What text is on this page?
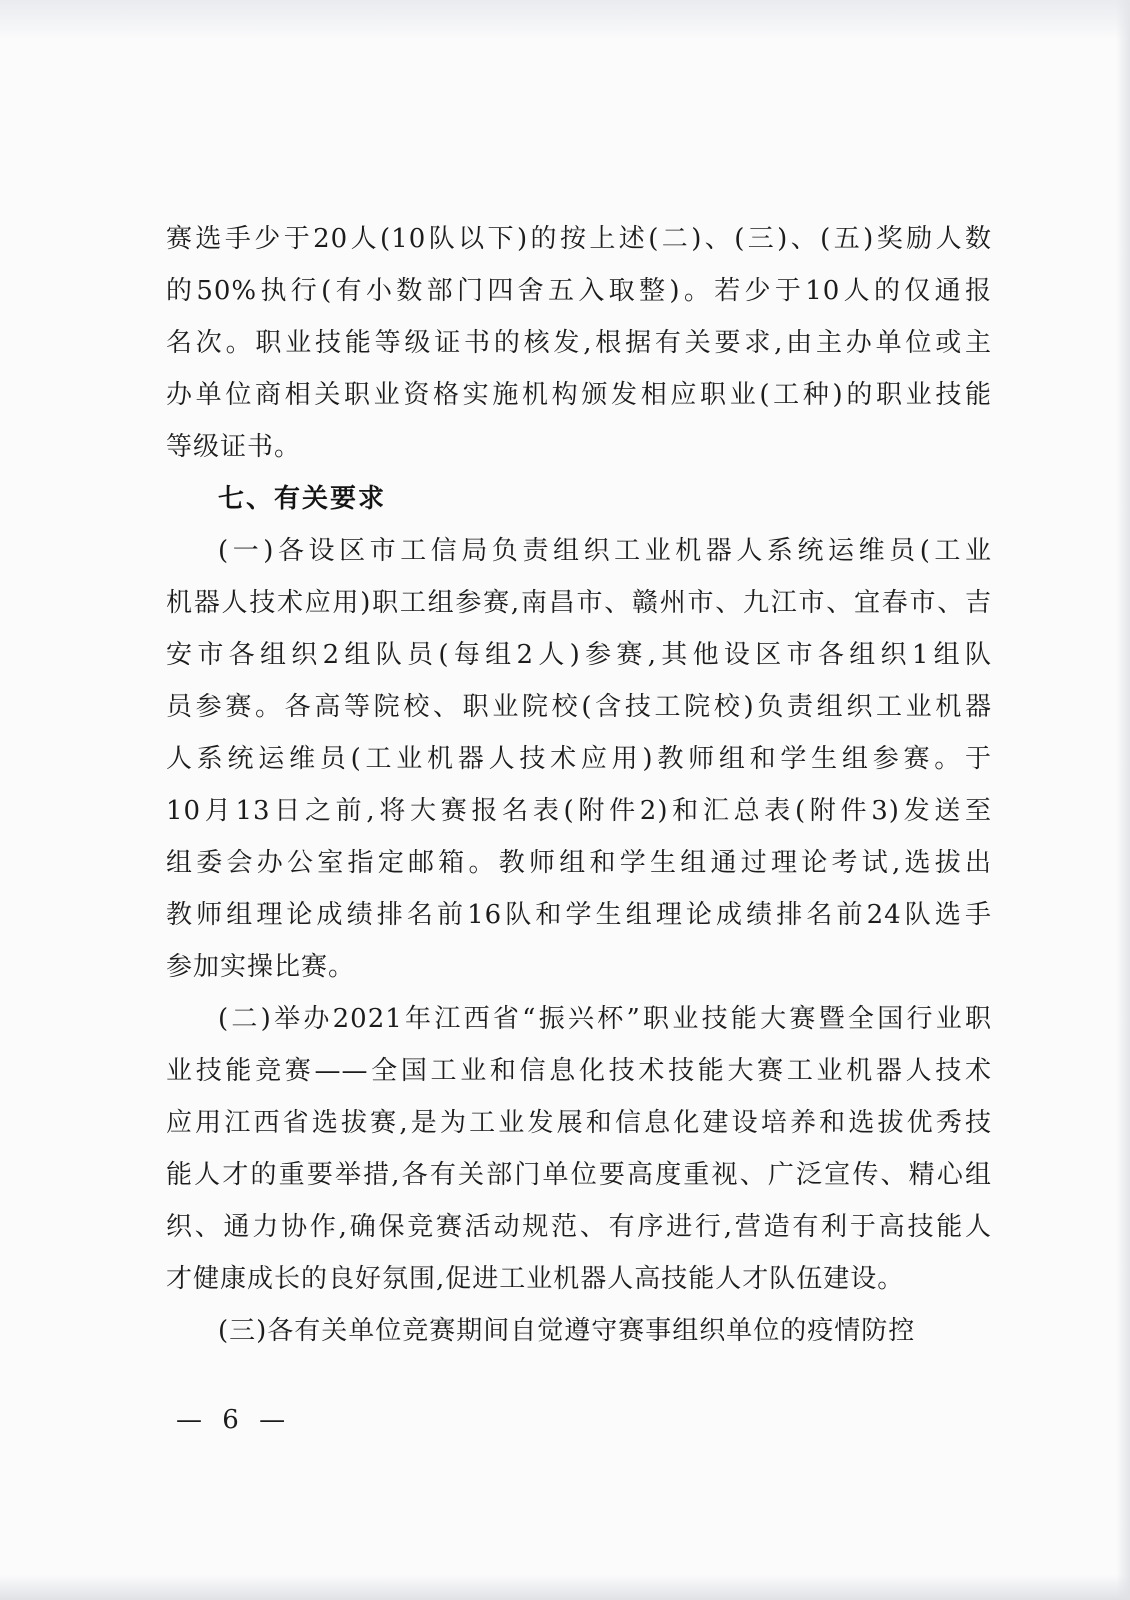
赛选手少于20人(10队以下)的按上述(二)、(三)、(五)奖励人数
的50%执行(有小数部门四舍五入取整)。若少于10人的仅通报
名次。职业技能等级证书的核发,根据有关要求,由主办单位或主
办单位商相关职业资格实施机构颁发相应职业(工种)的职业技能
等级证书。
七、有关要求
(一)各设区市工信局负责组织工业机器人系统运维员(工业
机器人技术应用)职工组参赛,南昌市、赣州市、九江市、宜春市、吉
安市各组织2组队员(每组2人)参赛,其他设区市各组织1组队
员参赛。各高等院校、职业院校(含技工院校)负责组织工业机器
人系统运维员(工业机器人技术应用)教师组和学生组参赛。于
10月13日之前,将大赛报名表(附件2)和汇总表(附件3)发送至
组委会办公室指定邮箱。教师组和学生组通过理论考试,选拔出
教师组理论成绩排名前16队和学生组理论成绩排名前24队选手
参加实操比赛。
(二)举办2021年江西省“振兴杯”职业技能大赛暨全国行业职
业技能竞赛——全国工业和信息化技术技能大赛工业机器人技术
应用江西省选拔赛,是为工业发展和信息化建设培养和选拔优秀技
能人才的重要举措,各有关部门单位要高度重视、广泛宣传、精心组
织、通力协作,确保竞赛活动规范、有序进行,营造有利于高技能人
才健康成长的良好氛围,促进工业机器人高技能人才队伍建设。
(三)各有关单位竞赛期间自觉遵守赛事组织单位的疫情防控
— 6 —
